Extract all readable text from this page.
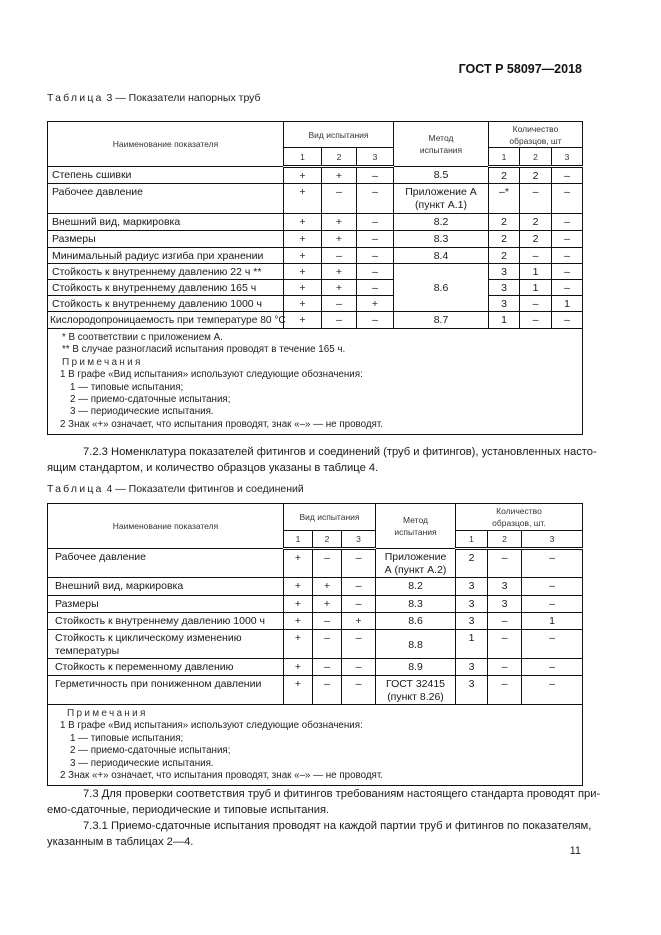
ГОСТ Р 58097—2018
Таблица 3 — Показатели напорных труб
Наименование показателя	Вид испытания			Метод испытания	Количество образцов, шт		
	1	2	3		1	2	3
Степень сшивки	+	+	–	8.5	2	2	–
Рабочее давление	+	–	–	Приложение А (пункт А.1)	–*	–	–
Внешний вид, маркировка	+	+	–	8.2	2	2	–
Размеры	+	+	–	8.3	2	2	–
Минимальный радиус изгиба при хранении	+	–	–	8.4	2	–	–
Стойкость к внутреннему давлению 22 ч **	+	+	–	8.6	3	1	–
Стойкость к внутреннему давлению 165 ч	+	+	–		3	1	–
Стойкость к внутреннему давлению 1000 ч	+	–	+		3	–	1
Кислородопроницаемость при температуре 80 °С	+	–	–	8.7	1	–	–

* В соответствии с приложением А.
** В случае разногласий испытания проводят в течение 165 ч.
Примечания
1 В графе «Вид испытания» используют следующие обозначения:
1 — типовые испытания;
2 — приемо-сдаточные испытания;
3 — периодические испытания.
2 Знак «+» означает, что испытания проводят, знак «–» — не проводят.
7.2.3 Номенклатура показателей фитингов и соединений (труб и фитингов), установленных насто-
ящим стандартом, и количество образцов указаны в таблице 4.
Таблица 4 — Показатели фитингов и соединений
Наименование показателя	Вид испытания			Метод испытания	Количество образцов, шт.		
	1	2	3		1	2	3
Рабочее давление	+	–	–	Приложение А (пункт А.2)	2	–	–
Внешний вид, маркировка	+	+	–	8.2	3	3	–
Размеры	+	+	–	8.3	3	3	–
Стойкость к внутреннему давлению 1000 ч	+	–	+	8.6	3	–	1
Стойкость к циклическому изменению температуры	+	–	–	8.8	1	–	–
Стойкость к переменному давлению	+	–	–	8.9	3	–	–
Герметичность при пониженном давлении	+	–	–	ГОСТ 32415 (пункт 8.26)	3	–	–

Примечания
1 В графе «Вид испытания» используют следующие обозначения:
1 — типовые испытания;
2 — приемо-сдаточные испытания;
3 — периодические испытания.
2 Знак «+» означает, что испытания проводят, знак «–» — не проводят.
7.3 Для проверки соответствия труб и фитингов требованиям настоящего стандарта проводят при-
емо-сдаточные, периодические и типовые испытания.
7.3.1 Приемо-сдаточные испытания проводят на каждой партии труб и фитингов по показателям,
указанным в таблицах 2—4.
11
